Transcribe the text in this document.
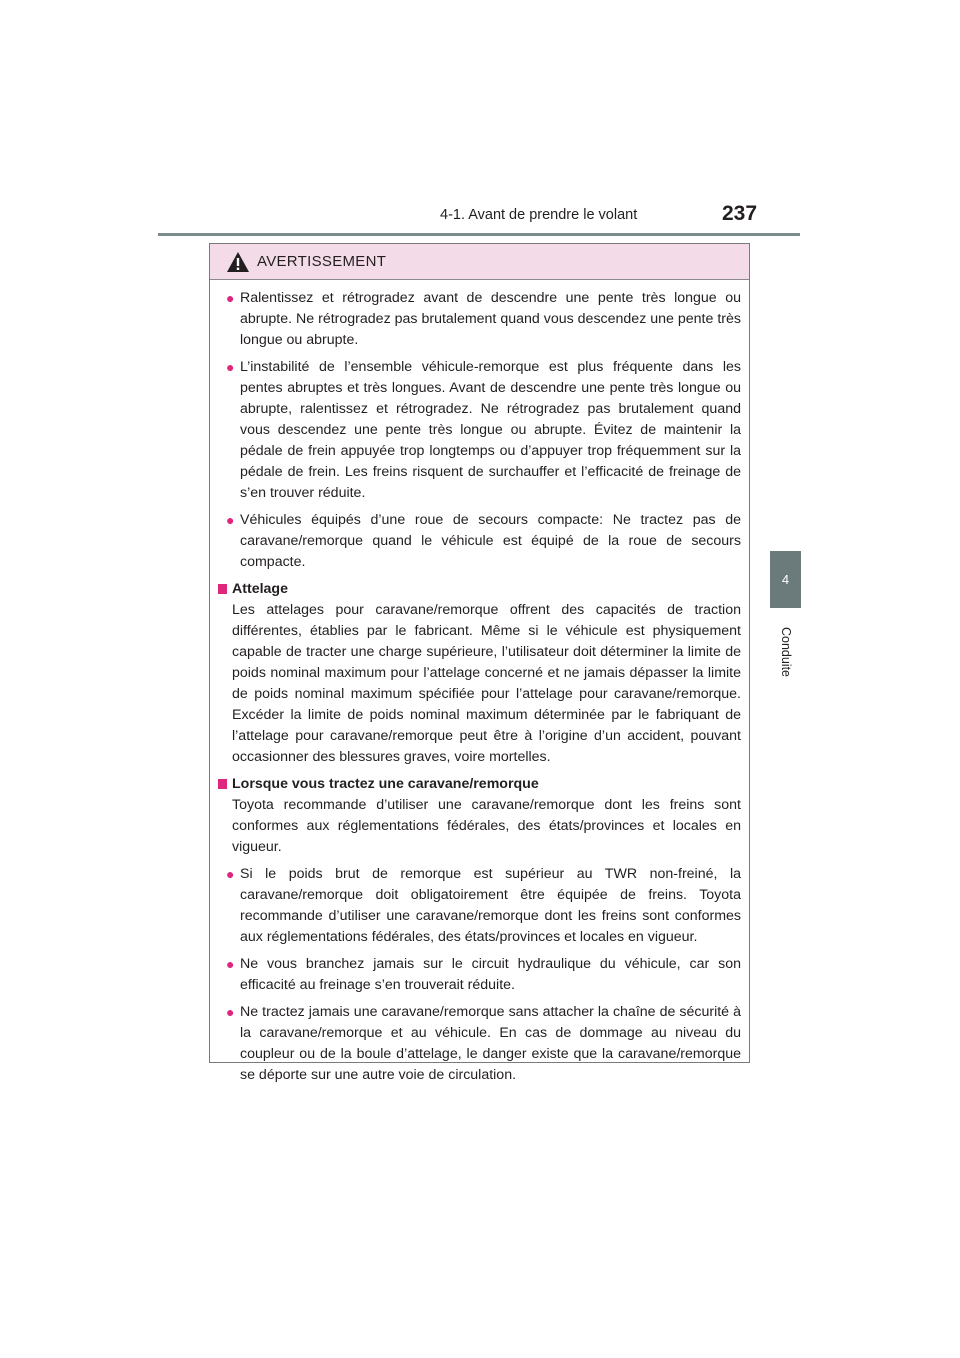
4-1. Avant de prendre le volant	237
4
Conduite
AVERTISSEMENT
● Ralentissez et rétrogradez avant de descendre une pente très longue ou abrupte. Ne rétrogradez pas brutalement quand vous descendez une pente très longue ou abrupte.
● L’instabilité de l’ensemble véhicule-remorque est plus fréquente dans les pentes abruptes et très longues. Avant de descendre une pente très longue ou abrupte, ralentissez et rétrogradez. Ne rétrogradez pas brutalement quand vous descendez une pente très longue ou abrupte. Évitez de maintenir la pédale de frein appuyée trop longtemps ou d’appuyer trop fréquemment sur la pédale de frein. Les freins risquent de surchauffer et l’efficacité de freinage de s’en trouver réduite.
● Véhicules équipés d’une roue de secours compacte: Ne tractez pas de caravane/remorque quand le véhicule est équipé de la roue de secours compacte.
Attelage
Les attelages pour caravane/remorque offrent des capacités de traction différentes, établies par le fabricant. Même si le véhicule est physiquement capable de tracter une charge supérieure, l’utilisateur doit déterminer la limite de poids nominal maximum pour l’attelage concerné et ne jamais dépasser la limite de poids nominal maximum spécifiée pour l’attelage pour caravane/remorque. Excéder la limite de poids nominal maximum déterminée par le fabriquant de l’attelage pour caravane/remorque peut être à l’origine d’un accident, pouvant occasionner des blessures graves, voire mortelles.
Lorsque vous tractez une caravane/remorque
Toyota recommande d’utiliser une caravane/remorque dont les freins sont conformes aux réglementations fédérales, des états/provinces et locales en vigueur.
● Si le poids brut de remorque est supérieur au TWR non-freiné, la caravane/remorque doit obligatoirement être équipée de freins. Toyota recommande d’utiliser une caravane/remorque dont les freins sont conformes aux réglementations fédérales, des états/provinces et locales en vigueur.
● Ne vous branchez jamais sur le circuit hydraulique du véhicule, car son efficacité au freinage s’en trouverait réduite.
● Ne tractez jamais une caravane/remorque sans attacher la chaîne de sécurité à la caravane/remorque et au véhicule. En cas de dommage au niveau du coupleur ou de la boule d’attelage, le danger existe que la caravane/remorque se déporte sur une autre voie de circulation.
